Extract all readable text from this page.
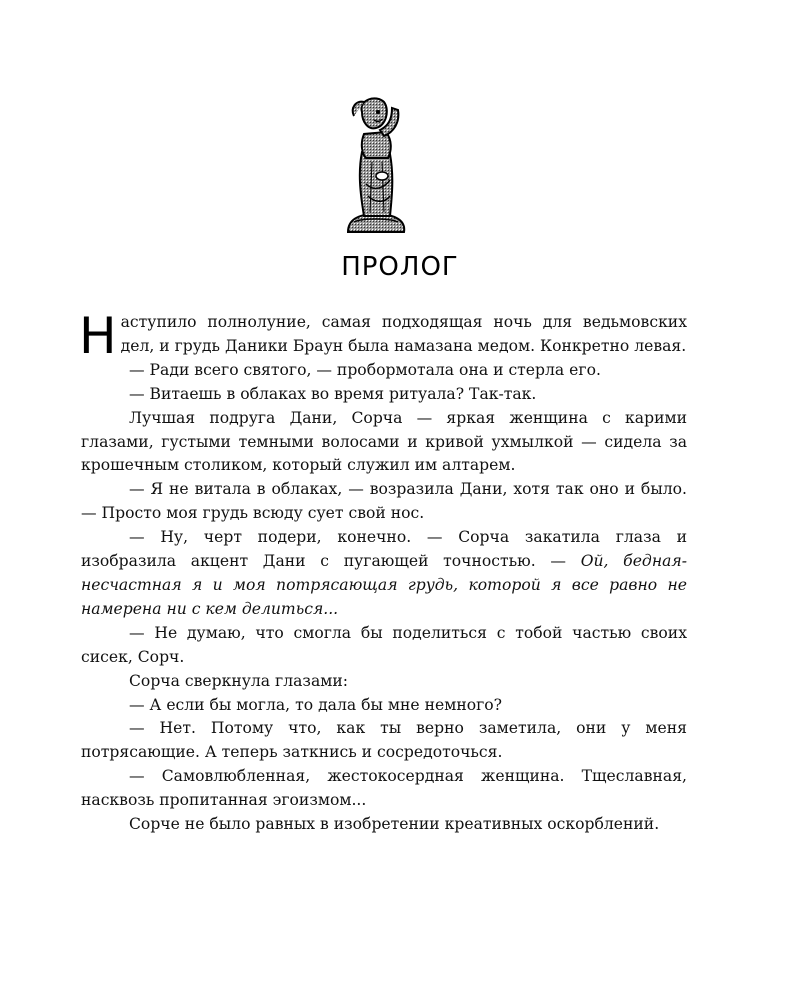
ПРОЛОГ

Наступило полнолуние, самая подходящая ночь для ведьмовских дел, и грудь Даники Браун была намазана медом. Конкретно левая.

— Ради всего святого, — пробормотала она и стерла его.

— Витаешь в облаках во время ритуала? Так-так.

Лучшая подруга Дани, Сорча — яркая женщина с карими глазами, густыми темными волосами и кривой ухмылкой — сидела за крошечным столиком, который служил им алтарем.

— Я не витала в облаках, — возразила Дани, хотя так оно и было. — Просто моя грудь всюду сует свой нос.

— Ну, черт подери, конечно. — Сорча закатила глаза и изобразила акцент Дани с пугающей точностью. — Ой, бедная-несчастная я и моя потрясающая грудь, которой я все равно не намерена ни с кем делиться...

— Не думаю, что смогла бы поделиться с тобой частью своих сисек, Сорч.

Сорча сверкнула глазами:

— А если бы могла, то дала бы мне немного?

— Нет. Потому что, как ты верно заметила, они у меня потрясающие. А теперь заткнись и сосредоточься.

— Самовлюбленная, жестокосердная женщина. Тщеславная, насквозь пропитанная эгоизмом...

Сорче не было равных в изобретении креативных оскорблений.
